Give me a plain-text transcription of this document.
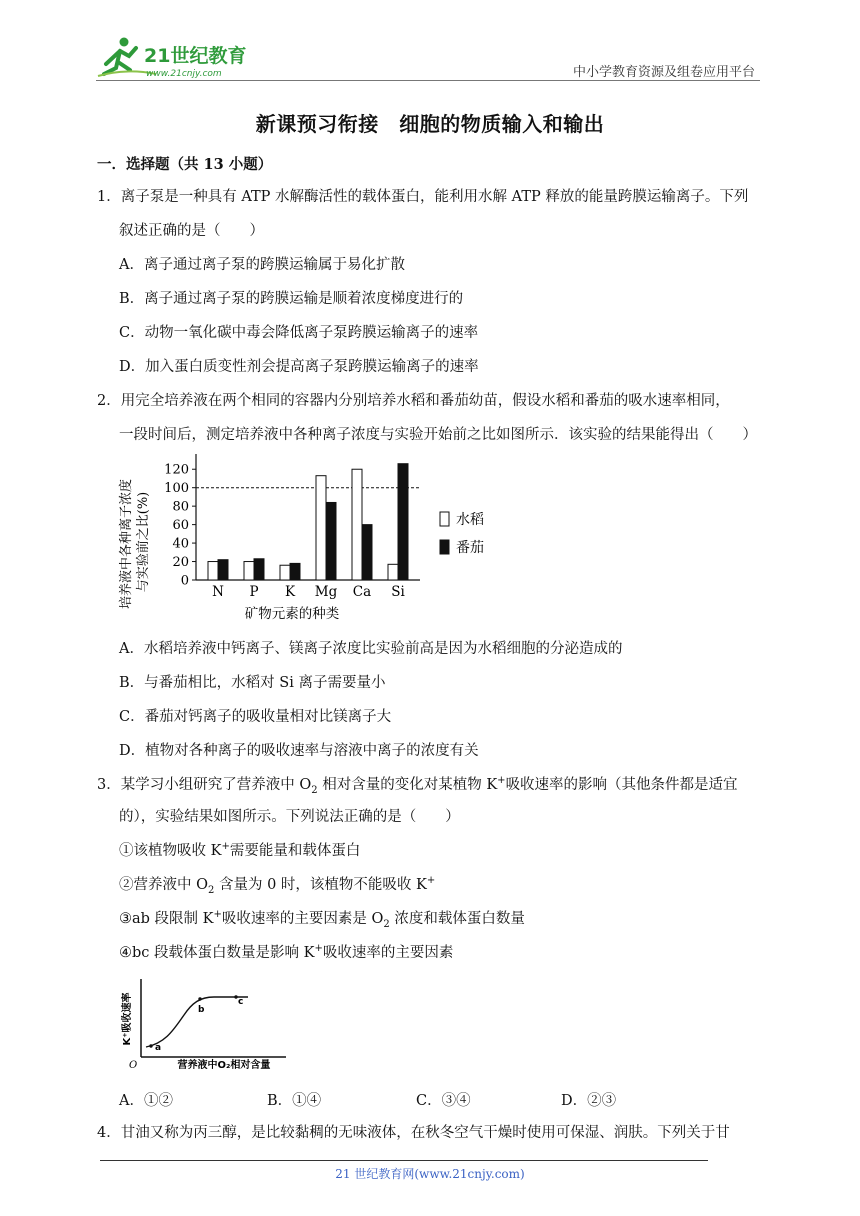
21世纪教育
www.21cnjy.com	中小学教育资源及组卷应用平台
新课预习衔接　细胞的物质输入和输出
一．选择题（共 13 小题）
1．离子泵是一种具有 ATP 水解酶活性的载体蛋白，能利用水解 ATP 释放的能量跨膜运输离子。下列
叙述正确的是（　　）
A．离子通过离子泵的跨膜运输属于易化扩散
B．离子通过离子泵的跨膜运输是顺着浓度梯度进行的
C．动物一氧化碳中毒会降低离子泵跨膜运输离子的速率
D．加入蛋白质变性剂会提高离子泵跨膜运输离子的速率
2．用完全培养液在两个相同的容器内分别培养水稻和番茄幼苗，假设水稻和番茄的吸水速率相同，
一段时间后，测定培养液中各种离子浓度与实验开始前之比如图所示．该实验的结果能得出（　　）
培养液中各种离子浓度 与实验前之比(%)
矿物元素的种类
0
20
40
60
80
100
120
N P K Mg Ca Si
水稻
番茄
A．水稻培养液中钙离子、镁离子浓度比实验前高是因为水稻细胞的分泌造成的
B．与番茄相比，水稻对 Si 离子需要量小
C．番茄对钙离子的吸收量相对比镁离子大
D．植物对各种离子的吸收速率与溶液中离子的浓度有关
3．某学习小组研究了营养液中 $O_2$ 相对含量的变化对某植物 K+吸收速率的影响（其他条件都是适宜
的），实验结果如图所示。下列说法正确的是（　　）
①该植物吸收 K+需要能量和载体蛋白
②营养液中 $O_2$ 含量为 0 时，该植物不能吸收 K+
③ab 段限制 K+吸收速率的主要因素是 $O_2$ 浓度和载体蛋白数量
④bc 段载体蛋白数量是影响 K+吸收速率的主要因素
K⁺吸收速率
营养液中O₂相对含量
O
a
b
c
A．①②	B．①④	C．③④	D．②③
4．甘油又称为丙三醇，是比较黏稠的无味液体，在秋冬空气干燥时使用可保湿、润肤。下列关于甘
21 世纪教育网(www.21cnjy.com)
